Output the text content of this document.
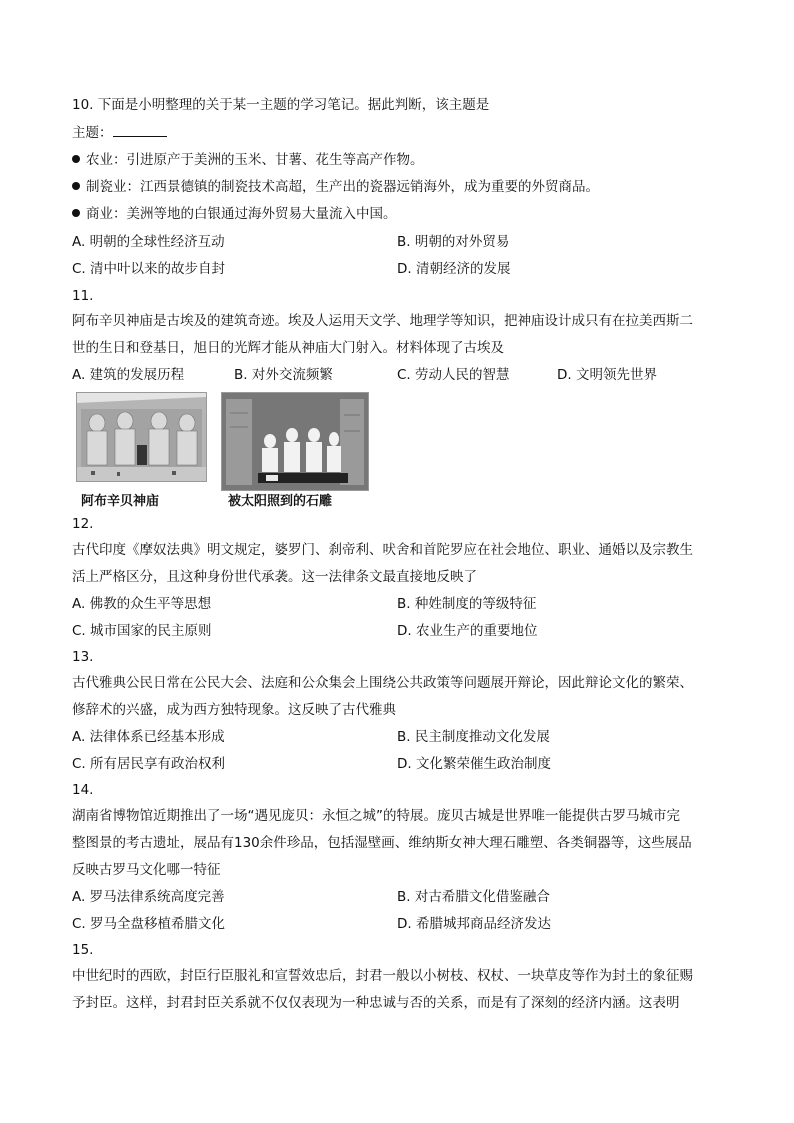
10. 下面是小明整理的关于某一主题的学习笔记。据此判断，该主题是
主题：
农业：引进原产于美洲的玉米、甘薯、花生等高产作物。
制瓷业：江西景德镇的制瓷技术高超，生产出的瓷器远销海外，成为重要的外贸商品。
商业：美洲等地的白银通过海外贸易大量流入中国。
A. 明朝的全球性经济互动	B. 明朝的对外贸易
C. 清中叶以来的故步自封	D. 清朝经济的发展
11.
阿布辛贝神庙是古埃及的建筑奇迹。埃及人运用天文学、地理学等知识，把神庙设计成只有在拉美西斯二
世的生日和登基日，旭日的光辉才能从神庙大门射入。材料体现了古埃及
A. 建筑的发展历程	B. 对外交流频繁	C. 劳动人民的智慧	D. 文明领先世界
阿布辛贝神庙	被太阳照到的石雕
12.
古代印度《摩奴法典》明文规定，婆罗门、刹帝利、吠舍和首陀罗应在社会地位、职业、通婚以及宗教生
活上严格区分，且这种身份世代承袭。这一法律条文最直接地反映了
A. 佛教的众生平等思想	B. 种姓制度的等级特征
C. 城市国家的民主原则	D. 农业生产的重要地位
13.
古代雅典公民日常在公民大会、法庭和公众集会上围绕公共政策等问题展开辩论，因此辩论文化的繁荣、
修辞术的兴盛，成为西方独特现象。这反映了古代雅典
A. 法律体系已经基本形成	B. 民主制度推动文化发展
C. 所有居民享有政治权利	D. 文化繁荣催生政治制度
14.
湖南省博物馆近期推出了一场“遇见庞贝：永恒之城”的特展。庞贝古城是世界唯一能提供古罗马城市完
整图景的考古遗址，展品有130余件珍品，包括湿壁画、维纳斯女神大理石雕塑、各类铜器等，这些展品
反映古罗马文化哪一特征
A. 罗马法律系统高度完善	B. 对古希腊文化借鉴融合
C. 罗马全盘移植希腊文化	D. 希腊城邦商品经济发达
15.
中世纪时的西欧，封臣行臣服礼和宣誓效忠后，封君一般以小树枝、权杖、一块草皮等作为封土的象征赐
予封臣。这样，封君封臣关系就不仅仅表现为一种忠诚与否的关系，而是有了深刻的经济内涵。这表明
